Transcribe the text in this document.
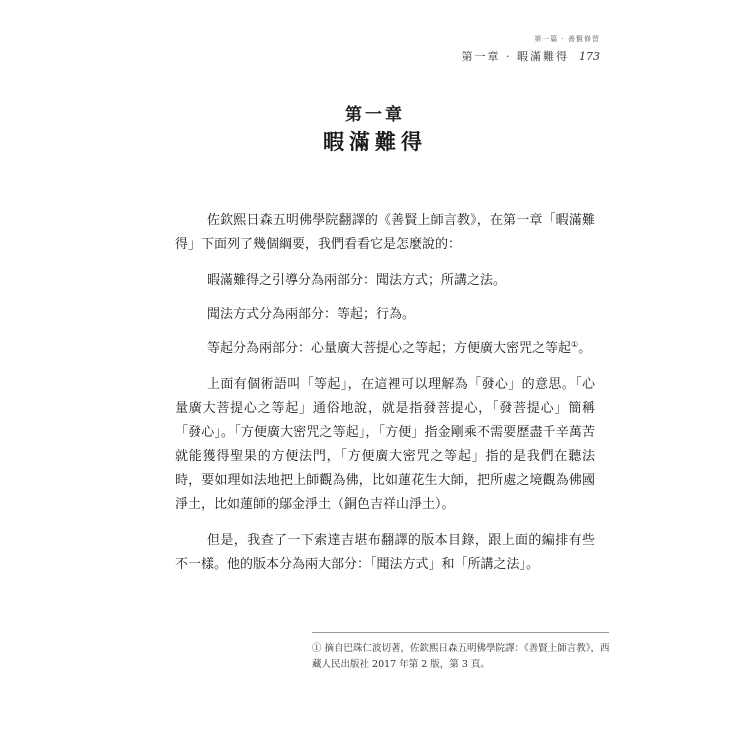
第一篇 · 善賢修習
第一章 · 暇滿難得 173
第一章
暇滿難得

佐欽熙日森五明佛學院翻譯的《善賢上師言教》，在第一章「暇滿難得」下面列了幾個綱要，我們看看它是怎麼說的：

暇滿難得之引導分為兩部分：聞法方式；所講之法。

聞法方式分為兩部分：等起；行為。

等起分為兩部分：心量廣大菩提心之等起；方便廣大密咒之等起①。

上面有個術語叫「等起」，在這裡可以理解為「發心」的意思。「心量廣大菩提心之等起」通俗地說，就是指發菩提心，「發菩提心」簡稱「發心」。「方便廣大密咒之等起」，「方便」指金剛乘不需要歷盡千辛萬苦就能獲得聖果的方便法門，「方便廣大密咒之等起」指的是我們在聽法時，要如理如法地把上師觀為佛，比如蓮花生大師，把所處之境觀為佛國淨土，比如蓮師的鄔金淨土（銅色吉祥山淨土）。

但是，我查了一下索達吉堪布翻譯的版本目錄，跟上面的編排有些不一樣。他的版本分為兩大部分：「聞法方式」和「所講之法」。

① 摘自巴珠仁波切著，佐欽熙日森五明佛學院譯：《善賢上師言教》，西藏人民出版社 2017 年第 2 版，第 3 頁。
